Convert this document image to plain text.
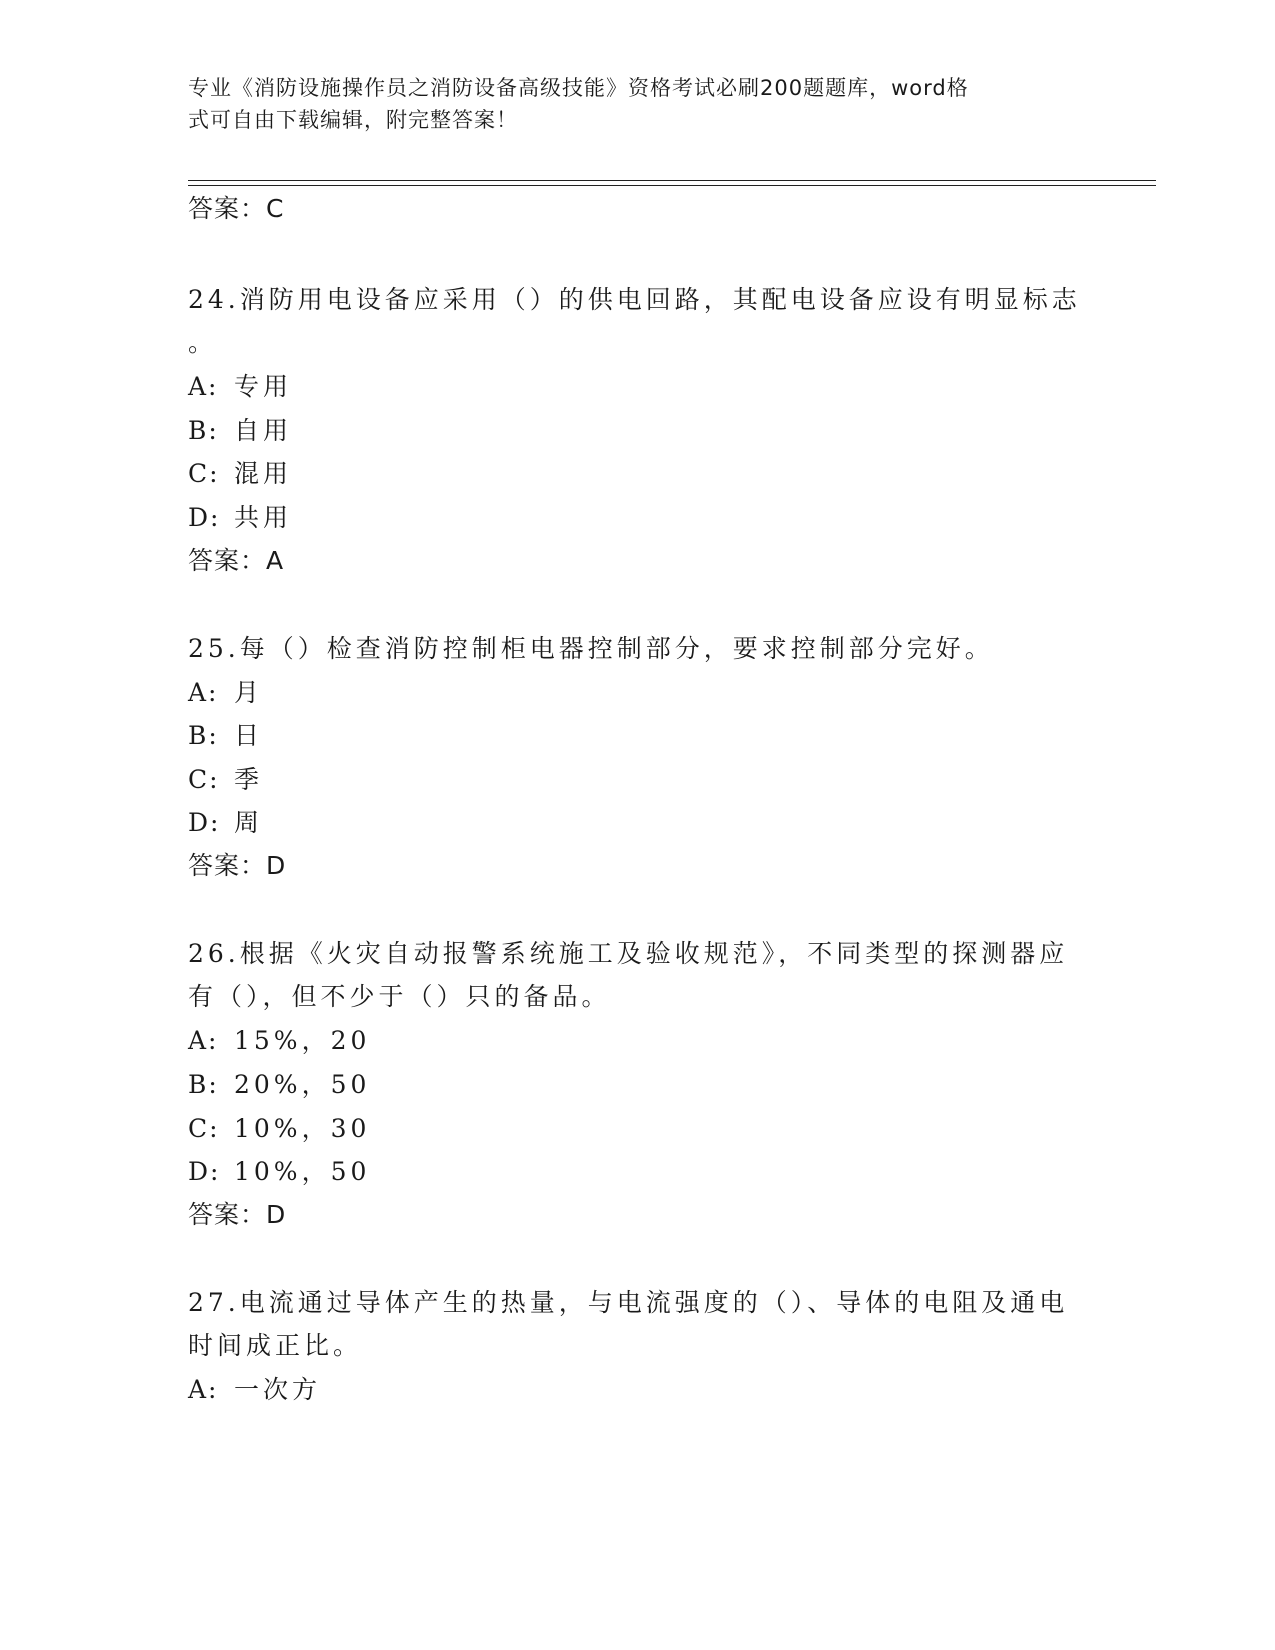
专业《消防设施操作员之消防设备高级技能》资格考试必刷200题题库，word格
式可自由下载编辑，附完整答案！
答案：C
24.消防用电设备应采用（）的供电回路，其配电设备应设有明显标志
。
A: 专用
B: 自用
C: 混用
D: 共用
答案：A
25.每（）检查消防控制柜电器控制部分，要求控制部分完好。
A: 月
B: 日
C: 季
D: 周
答案：D
26.根据《火灾自动报警系统施工及验收规范》，不同类型的探测器应
有（），但不少于（）只的备品。
A: 15%，20
B: 20%，50
C: 10%，30
D: 10%，50
答案：D
27.电流通过导体产生的热量，与电流强度的（）、导体的电阻及通电
时间成正比。
A: 一次方
